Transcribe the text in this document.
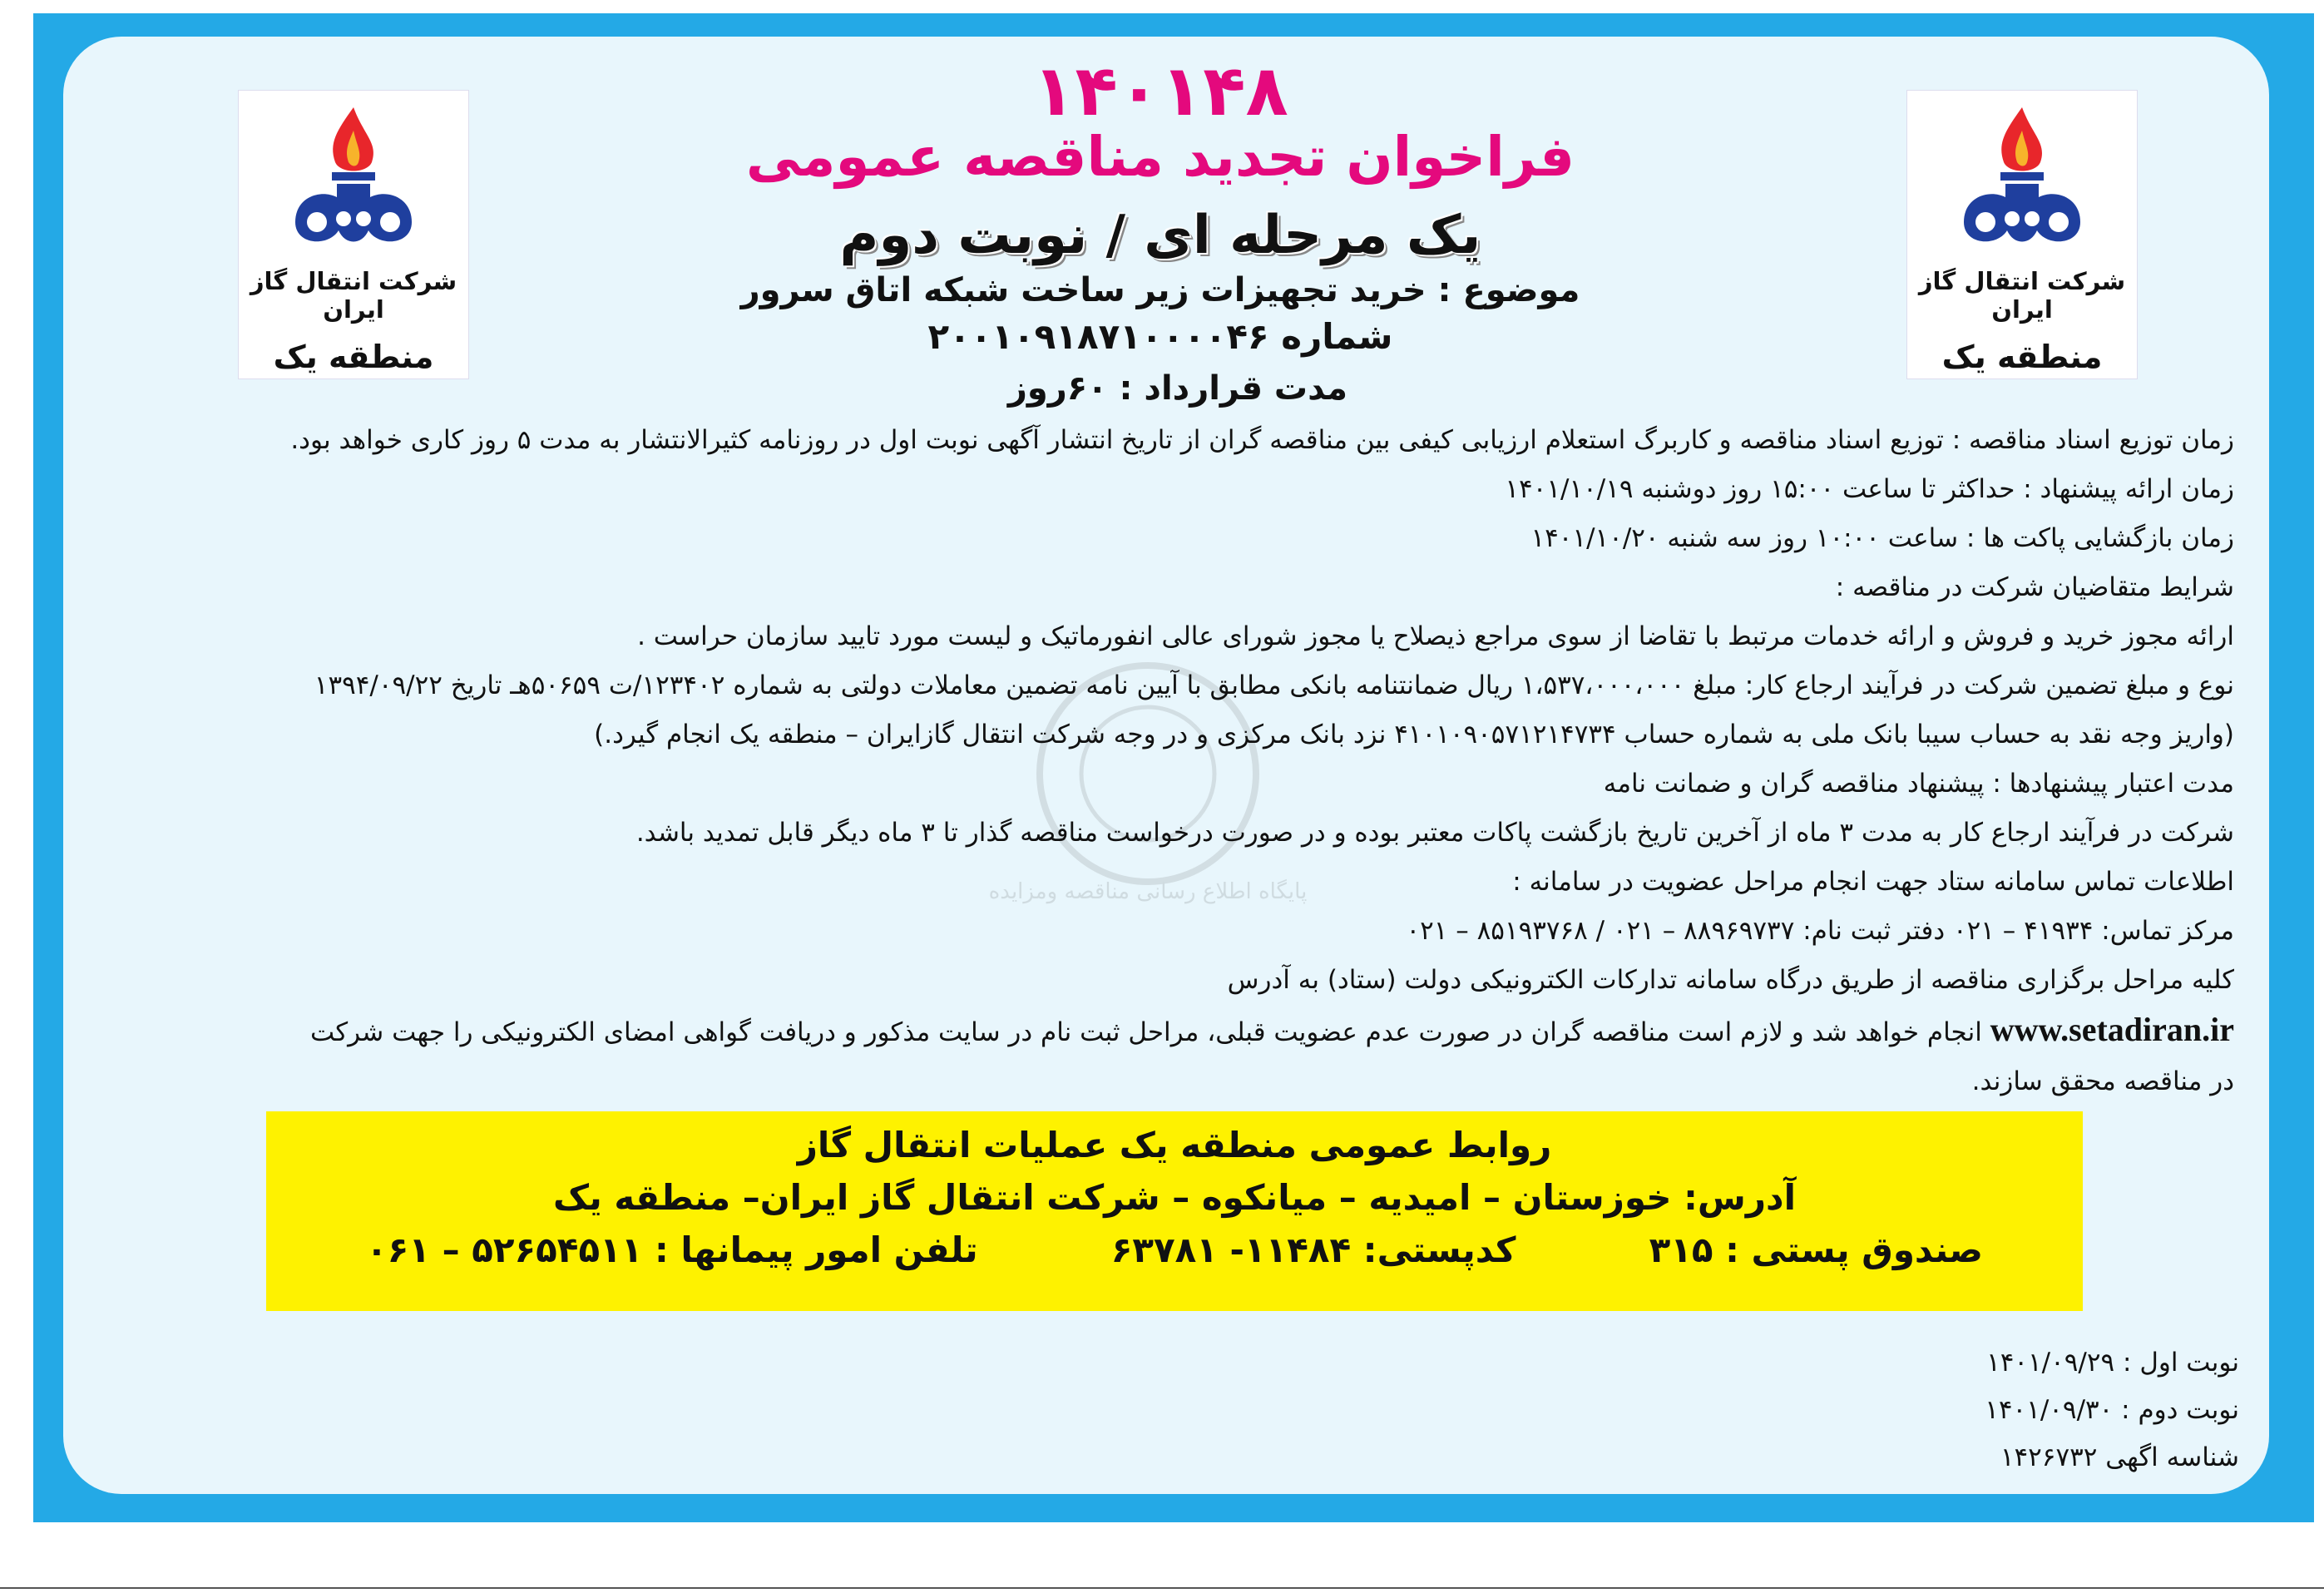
شرکت انتقال گاز ایران
منطقه یک
شرکت انتقال گاز ایران
منطقه یک
۱۴۰۱۴۸
فراخوان تجدید مناقصه عمومی
یک مرحله ای / نوبت دوم
موضوع : خرید تجهیزات زیر ساخت شبکه اتاق سرور
شماره ۲۰۰۱۰۹۱۸۷۱۰۰۰۰۴۶
مدت قرارداد : ۶۰روز
پایگاه اطلاع رسانی مناقصه ومزایده
زمان توزیع اسناد مناقصه : توزیع اسناد مناقصه و کاربرگ استعلام ارزیابی کیفی بین مناقصه گران از تاریخ انتشار آگهی نوبت اول در روزنامه کثیرالانتشار به مدت ۵ روز کاری خواهد بود.
زمان ارائه پیشنهاد : حداکثر تا ساعت ۱۵:۰۰ روز دوشنبه ۱۴۰۱/۱۰/۱۹
زمان بازگشایی پاکت ها : ساعت ۱۰:۰۰ روز سه شنبه ۱۴۰۱/۱۰/۲۰
شرایط متقاضیان شرکت در مناقصه :
ارائه مجوز خرید و فروش و ارائه خدمات مرتبط با تقاضا از سوی مراجع ذیصلاح یا مجوز شورای عالی انفورماتیک و لیست مورد تایید سازمان حراست .
نوع و مبلغ تضمین شرکت در فرآیند ارجاع کار: مبلغ ۱،۵۳۷،۰۰۰،۰۰۰ ریال ضمانتنامه بانکی مطابق با آیین نامه تضمین معاملات دولتی به شماره ۱۲۳۴۰۲/ت ۵۰۶۵۹هـ تاریخ ۱۳۹۴/۰۹/۲۲
(واریز وجه نقد به حساب سیبا بانک ملی به شماره حساب ۴۱۰۱۰۹۰۵۷۱۲۱۴۷۳۴ نزد بانک مرکزی و در وجه شرکت انتقال گازایران – منطقه یک انجام گیرد.)
مدت اعتبار پیشنهادها : پیشنهاد مناقصه گران و ضمانت نامه
شرکت در فرآیند ارجاع کار به مدت ۳ ماه از آخرین تاریخ بازگشت پاکات معتبر بوده و در صورت درخواست مناقصه گذار تا ۳ ماه دیگر قابل تمدید باشد.
اطلاعات تماس سامانه ستاد جهت انجام مراحل عضویت در سامانه :
مرکز تماس: ۴۱۹۳۴ – ۰۲۱ دفتر ثبت نام: ۸۸۹۶۹۷۳۷ – ۰۲۱ / ۸۵۱۹۳۷۶۸ – ۰۲۱
کلیه مراحل برگزاری مناقصه از طریق درگاه سامانه تدارکات الکترونیکی دولت (ستاد) به آدرس
www.setadiran.ir انجام خواهد شد و لازم است مناقصه گران در صورت عدم عضویت قبلی، مراحل ثبت نام در سایت مذکور و دریافت گواهی امضای الکترونیکی را جهت شرکت
در مناقصه محقق سازند.
روابط عمومی منطقه یک عملیات انتقال گاز
آدرس: خوزستان – امیدیه – میانکوه – شرکت انتقال گاز ایران– منطقه یک
صندوق پستی : ۳۱۵
کدپستی: ۱۱۴۸۴- ۶۳۷۸۱
تلفن امور پیمانها : ۵۲۶۵۴۵۱۱ – ۰۶۱
نوبت اول : ۱۴۰۱/۰۹/۲۹
نوبت دوم : ۱۴۰۱/۰۹/۳۰
شناسه اگهی ۱۴۲۶۷۳۲
